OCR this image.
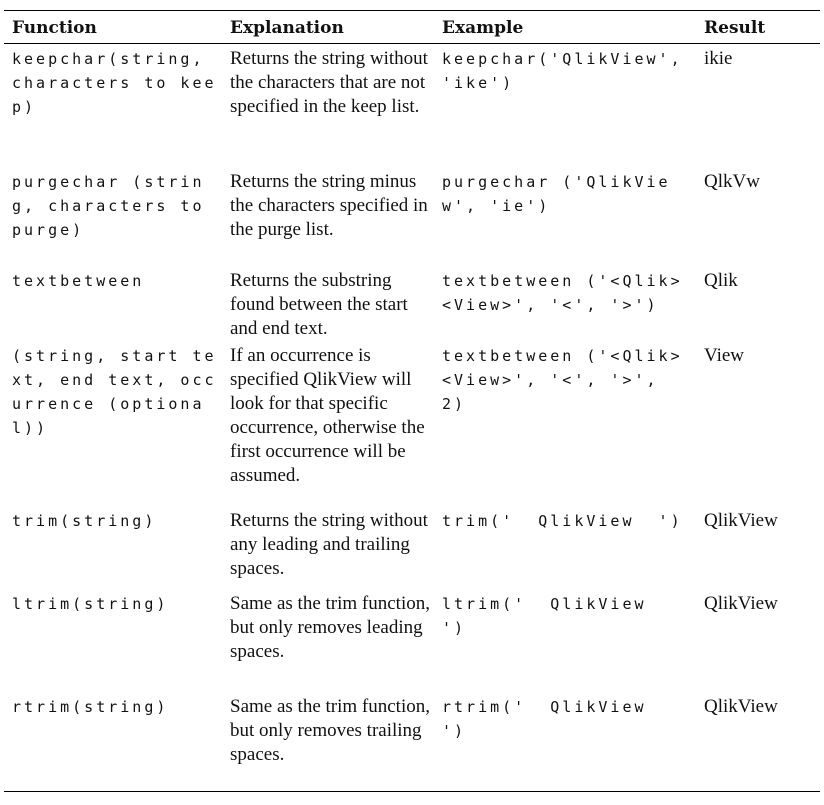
Function	Explanation	Example	Result
keepchar(string, characters to keep)	Returns the string without the characters that are not specified in the keep list.	keepchar('QlikView', 'ike')	ikie
purgechar (string, characters to purge)	Returns the string minus the characters specified in the purge list.	purgechar ('QlikView', 'ie')	QlkVw
textbetween	Returns the substring found between the start and end text.	textbetween ('<Qlik><View>', '<', '>')	Qlik
(string, start text, end text, occurrence (optional))	If an occurrence is specified QlikView will look for that specific occurrence, otherwise the first occurrence will be assumed.	textbetween ('<Qlik><View>', '<', '>', 2)	View
trim(string)	Returns the string without any leading and trailing spaces.	trim('  QlikView  ')	QlikView
ltrim(string)	Same as the trim function, but only removes leading spaces.	ltrim('  QlikView  ')	QlikView
rtrim(string)	Same as the trim function, but only removes trailing spaces.	rtrim('  QlikView  ')	QlikView
